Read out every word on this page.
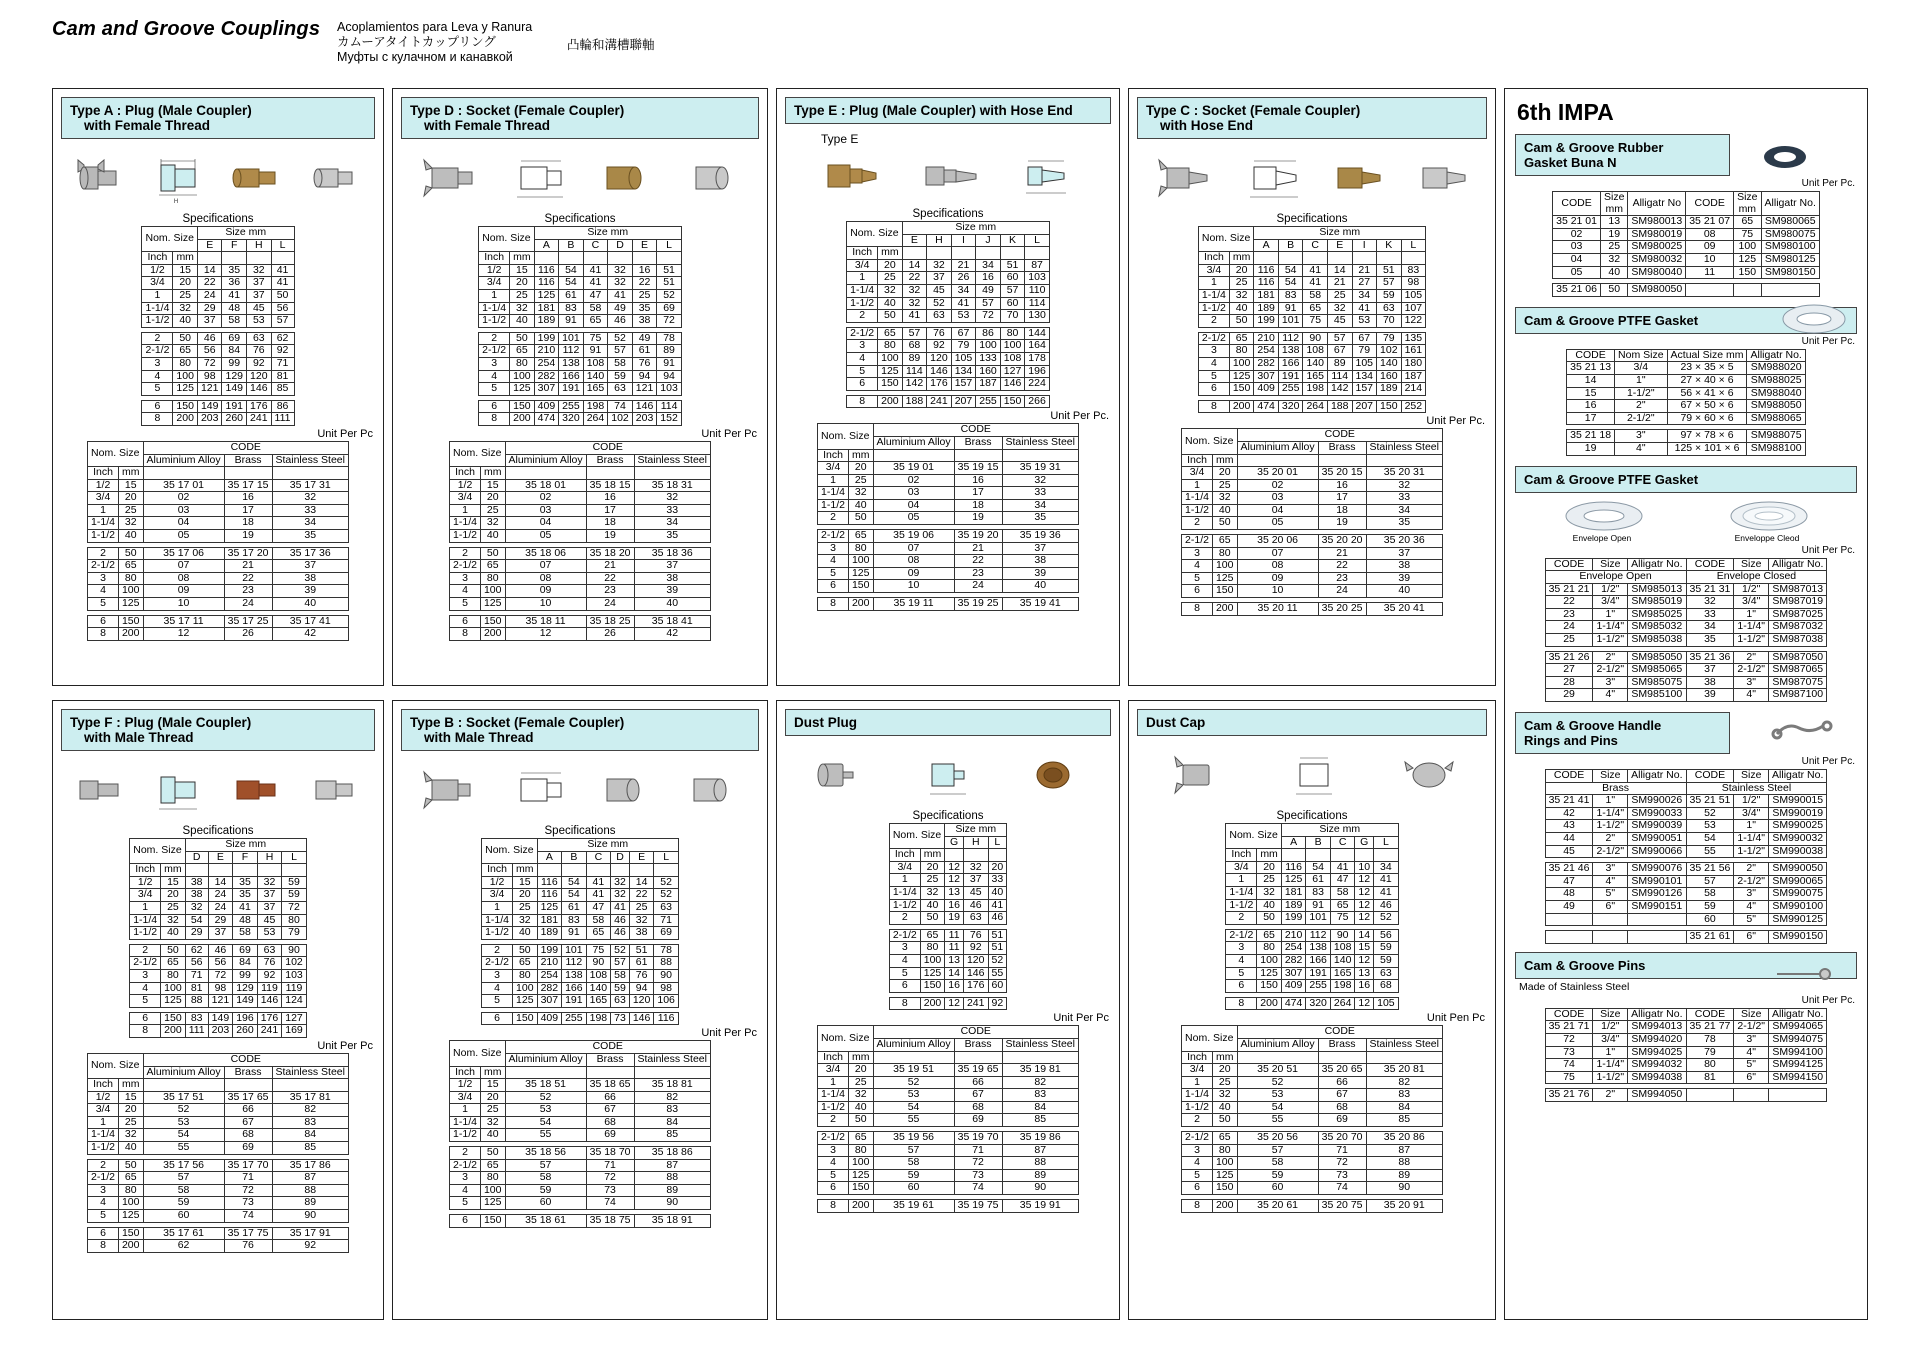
Cam and Groove Couplings	Acoplamientos para Leva y Ranura
カムーアタイトカップリング
Муфты с кулачном и канавкой
凸輪和溝槽聯軸
Type A : Plug (Male Coupler)
with Female Thread
H
Specifications
Nom. Size		Size mm			
		E	F	H	L
Inch	mm				
1/2	15	14	35	32	41
3/4	20	22	36	37	41
1	25	24	41	37	50
1-1/4	32	29	48	45	56
1-1/2	40	37	58	53	57

2	50	46	69	63	62
2-1/2	65	56	84	76	92
3	80	72	99	92	71
4	100	98	129	120	81
5	125	121	149	146	85

6	150	149	191	176	86
8	200	203	260	241	111
Unit Per Pc
Nom. Size		CODE		
		Aluminium Alloy	Brass	Stainless Steel
Inch	mm			
1/2	15	35 17 01	35 17 15	35 17 31
3/4	20	02	16	32
1	25	03	17	33
1-1/4	32	04	18	34
1-1/2	40	05	19	35

2	50	35 17 06	35 17 20	35 17 36
2-1/2	65	07	21	37
3	80	08	22	38
4	100	09	23	39
5	125	10	24	40

6	150	35 17 11	35 17 25	35 17 41
8	200	12	26	42
Type D : Socket (Female Coupler)
with Female Thread
Specifications
Nom. Size		Size mm					
		A	B	C	D	E	L
Inch	mm						
1/2	15	116	54	41	32	16	51
3/4	20	116	54	41	32	22	51
1	25	125	61	47	41	25	52
1-1/4	32	181	83	58	49	35	69
1-1/2	40	189	91	65	46	38	72

2	50	199	101	75	52	49	78
2-1/2	65	210	112	91	57	61	89
3	80	254	138	108	58	76	91
4	100	282	166	140	59	94	94
5	125	307	191	165	63	121	103

6	150	409	255	198	74	146	114
8	200	474	320	264	102	203	152
Unit Per Pc
Nom. Size		CODE		
		Aluminium Alloy	Brass	Stainless Steel
Inch	mm			
1/2	15	35 18 01	35 18 15	35 18 31
3/4	20	02	16	32
1	25	03	17	33
1-1/4	32	04	18	34
1-1/2	40	05	19	35

2	50	35 18 06	35 18 20	35 18 36
2-1/2	65	07	21	37
3	80	08	22	38
4	100	09	23	39
5	125	10	24	40

6	150	35 18 11	35 18 25	35 18 41
8	200	12	26	42
Type E : Plug (Male Coupler) with Hose End
Type E
Specifications
Nom. Size		Size mm					
		E	H	I	J	K	L
Inch	mm						
3/4	20	14	32	21	34	51	87
1	25	22	37	26	16	60	103
1-1/4	32	32	45	34	49	57	110
1-1/2	40	32	52	41	57	60	114
2	50	41	63	53	72	70	130

2-1/2	65	57	76	67	86	80	144
3	80	68	92	79	100	100	164
4	100	89	120	105	133	108	178
5	125	114	146	134	160	127	196
6	150	142	176	157	187	146	224

8	200	188	241	207	255	150	266
Unit Per Pc.
Nom. Size		CODE		
		Aluminium Alloy	Brass	Stainless Steel
Inch	mm			
3/4	20	35 19 01	35 19 15	35 19 31
1	25	02	16	32
1-1/4	32	03	17	33
1-1/2	40	04	18	34
2	50	05	19	35

2-1/2	65	35 19 06	35 19 20	35 19 36
3	80	07	21	37
4	100	08	22	38
5	125	09	23	39
6	150	10	24	40

8	200	35 19 11	35 19 25	35 19 41
Type C : Socket (Female Coupler)
with Hose End
Specifications
Nom. Size		Size mm						
		A	B	C	E	I	K	L
Inch	mm							
3/4	20	116	54	41	14	21	51	83
1	25	116	54	41	21	27	57	98
1-1/4	32	181	83	58	25	34	59	105
1-1/2	40	189	91	65	32	41	63	107
2	50	199	101	75	45	53	70	122

2-1/2	65	210	112	90	57	67	79	135
3	80	254	138	108	67	79	102	161
4	100	282	166	140	89	105	140	180
5	125	307	191	165	114	134	160	187
6	150	409	255	198	142	157	189	214

8	200	474	320	264	188	207	150	252
Unit Per Pc.
Nom. Size		CODE		
		Aluminium Alloy	Brass	Stainless Steel
Inch	mm			
3/4	20	35 20 01	35 20 15	35 20 31
1	25	02	16	32
1-1/4	32	03	17	33
1-1/2	40	04	18	34
2	50	05	19	35

2-1/2	65	35 20 06	35 20 20	35 20 36
3	80	07	21	37
4	100	08	22	38
5	125	09	23	39
6	150	10	24	40

8	200	35 20 11	35 20 25	35 20 41
Type F : Plug (Male Coupler)
with Male Thread
Specifications
Nom. Size		Size mm				
		D	E	F	H	L
Inch	mm					
1/2	15	38	14	35	32	59
3/4	20	38	24	35	37	59
1	25	32	24	41	37	72
1-1/4	32	54	29	48	45	80
1-1/2	40	29	37	58	53	79

2	50	62	46	69	63	90
2-1/2	65	56	56	84	76	102
3	80	71	72	99	92	103
4	100	81	98	129	119	119
5	125	88	121	149	146	124

6	150	83	149	196	176	127
8	200	111	203	260	241	169
Unit Per Pc
Nom. Size		CODE		
		Aluminium Alloy	Brass	Stainless Steel
Inch	mm			
1/2	15	35 17 51	35 17 65	35 17 81
3/4	20	52	66	82
1	25	53	67	83
1-1/4	32	54	68	84
1-1/2	40	55	69	85

2	50	35 17 56	35 17 70	35 17 86
2-1/2	65	57	71	87
3	80	58	72	88
4	100	59	73	89
5	125	60	74	90

6	150	35 17 61	35 17 75	35 17 91
8	200	62	76	92
Type B : Socket (Female Coupler)
with Male Thread
Specifications
Nom. Size		Size mm					
		A	B	C	D	E	L
Inch	mm						
1/2	15	116	54	41	32	14	52
3/4	20	116	54	41	32	22	52
1	25	125	61	47	41	25	63
1-1/4	32	181	83	58	46	32	71
1-1/2	40	189	91	65	46	38	69

2	50	199	101	75	52	51	78
2-1/2	65	210	112	90	57	61	88
3	80	254	138	108	58	76	90
4	100	282	166	140	59	94	98
5	125	307	191	165	63	120	106

6	150	409	255	198	73	146	116
Unit Per Pc
Nom. Size		CODE		
		Aluminium Alloy	Brass	Stainless Steel
Inch	mm			
1/2	15	35 18 51	35 18 65	35 18 81
3/4	20	52	66	82
1	25	53	67	83
1-1/4	32	54	68	84
1-1/2	40	55	69	85

2	50	35 18 56	35 18 70	35 18 86
2-1/2	65	57	71	87
3	80	58	72	88
4	100	59	73	89
5	125	60	74	90

6	150	35 18 61	35 18 75	35 18 91
Dust Plug
Specifications
Nom. Size		Size mm		
		G	H	L
Inch	mm			
3/4	20	12	32	20
1	25	12	37	33
1-1/4	32	13	45	40
1-1/2	40	16	46	41
2	50	19	63	46

2-1/2	65	11	76	51
3	80	11	92	51
4	100	13	120	52
5	125	14	146	55
6	150	16	176	60

8	200	12	241	92
Unit Per Pc
Nom. Size		CODE		
		Aluminium Alloy	Brass	Stainless Steel
Inch	mm			
3/4	20	35 19 51	35 19 65	35 19 81
1	25	52	66	82
1-1/4	32	53	67	83
1-1/2	40	54	68	84
2	50	55	69	85

2-1/2	65	35 19 56	35 19 70	35 19 86
3	80	57	71	87
4	100	58	72	88
5	125	59	73	89
6	150	60	74	90

8	200	35 19 61	35 19 75	35 19 91
Dust Cap
Specifications
Nom. Size		Size mm				
		A	B	C	G	L
Inch	mm					
3/4	20	116	54	41	10	34
1	25	125	61	47	12	41
1-1/4	32	181	83	58	12	41
1-1/2	40	189	91	65	12	46
2	50	199	101	75	12	52

2-1/2	65	210	112	90	14	56
3	80	254	138	108	15	59
4	100	282	166	140	12	59
5	125	307	191	165	13	63
6	150	409	255	198	16	68

8	200	474	320	264	12	105
Unit Pen Pc
Nom. Size		CODE		
		Aluminium Alloy	Brass	Stainless Steel
Inch	mm			
3/4	20	35 20 51	35 20 65	35 20 81
1	25	52	66	82
1-1/4	32	53	67	83
1-1/2	40	54	68	84
2	50	55	69	85

2-1/2	65	35 20 56	35 20 70	35 20 86
3	80	57	71	87
4	100	58	72	88
5	125	59	73	89
6	150	60	74	90

8	200	35 20 61	35 20 75	35 20 91
6th IMPA
Cam & Groove Rubber
Gasket Buna N
Unit Per Pc.
CODE	Size
mm	Alligatr No	CODE	Size
mm	Alligatr No.
35 21 01	13	SM980013	35 21 07	65	SM980065
02	19	SM980019	08	75	SM980075
03	25	SM980025	09	100	SM980100
04	32	SM980032	10	125	SM980125
05	40	SM980040	11	150	SM980150

35 21 06	50	SM980050			
Cam & Groove PTFE Gasket
Unit Per Pc.
CODE	Nom Size	Actual Size mm	Alligatr No.
35 21 13	3/4	23 × 35 × 5	SM988020
14	1"	27 × 40 × 6	SM988025
15	1-1/2"	56 × 41 × 6	SM988040
16	2"	67 × 50 × 6	SM988050
17	2-1/2"	79 × 60 × 6	SM988065

35 21 18	3"	97 × 78 × 6	SM988075
19	4"	125 × 101 × 6	SM988100
Cam & Groove PTFE Gasket
Envelope Open	Enveloppe Cleod
Unit Per Pc.
CODE	Size	Alligatr No.	CODE	Size	Alligatr No.
Envelope Open			Envelope Closed		
35 21 21	1/2"	SM985013	35 21 31	1/2"	SM987013
22	3/4"	SM985019	32	3/4"	SM987019
23	1"	SM985025	33	1"	SM987025
24	1-1/4"	SM985032	34	1-1/4"	SM987032
25	1-1/2"	SM985038	35	1-1/2"	SM987038

35 21 26	2"	SM985050	35 21 36	2"	SM987050
27	2-1/2"	SM985065	37	2-1/2"	SM987065
28	3"	SM985075	38	3"	SM987075
29	4"	SM985100	39	4"	SM987100
Cam & Groove Handle
Rings and Pins
Unit Per Pc.
CODE	Size	Alligatr No.	CODE	Size	Alligatr No.
Brass			Stainless Steel		
35 21 41	1"	SM990026	35 21 51	1/2"	SM990015
42	1-1/4"	SM990033	52	3/4"	SM990019
43	1-1/2"	SM990039	53	1"	SM990025
44	2"	SM990051	54	1-1/4"	SM990032
45	2-1/2"	SM990066	55	1-1/2"	SM990038

35 21 46	3"	SM990076	35 21 56	2"	SM990050
47	4"	SM990101	57	2-1/2"	SM990065
48	5"	SM990126	58	3"	SM990075
49	6"	SM990151	59	4"	SM990100
			60	5"	SM990125

			35 21 61	6"	SM990150
Cam & Groove Pins
Made of Stainless Steel
Unit Per Pc.
CODE	Size	Alligatr No.	CODE	Size	Alligatr No.
35 21 71	1/2"	SM994013	35 21 77	2-1/2"	SM994065
72	3/4"	SM994020	78	3"	SM994075
73	1"	SM994025	79	4"	SM994100
74	1-1/4"	SM994032	80	5"	SM994125
75	1-1/2"	SM994038	81	6"	SM994150

35 21 76	2"	SM994050			
